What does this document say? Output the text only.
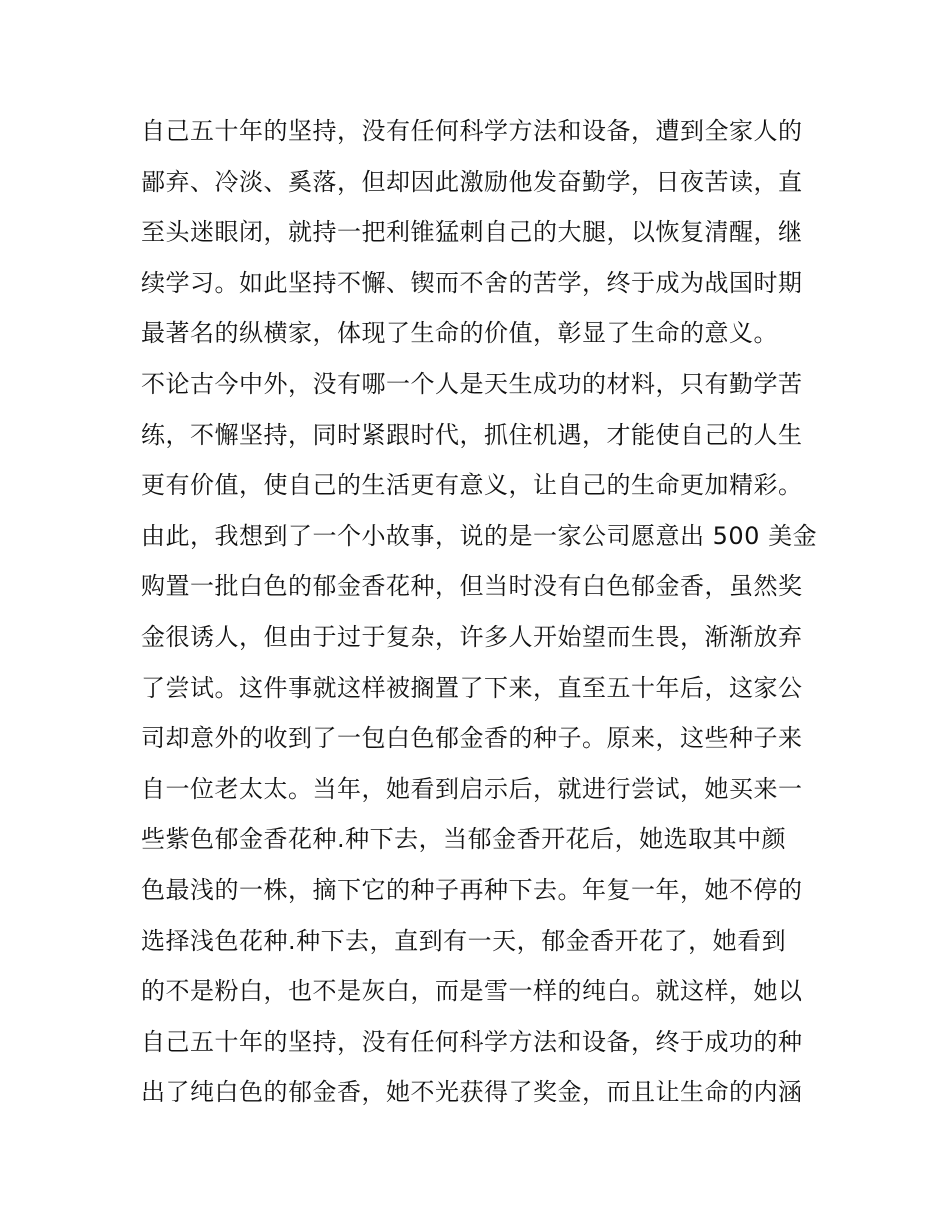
自己五十年的坚持，没有任何科学方法和设备，遭到全家人的
鄙弃、冷淡、奚落，但却因此激励他发奋勤学，日夜苦读，直
至头迷眼闭，就持一把利锥猛刺自己的大腿，以恢复清醒，继
续学习。如此坚持不懈、锲而不舍的苦学，终于成为战国时期
最著名的纵横家，体现了生命的价值，彰显了生命的意义。
不论古今中外，没有哪一个人是天生成功的材料，只有勤学苦
练，不懈坚持，同时紧跟时代，抓住机遇，才能使自己的人生
更有价值，使自己的生活更有意义，让自己的生命更加精彩。
由此，我想到了一个小故事，说的是一家公司愿意出 500 美金
购置一批白色的郁金香花种，但当时没有白色郁金香，虽然奖
金很诱人，但由于过于复杂，许多人开始望而生畏，渐渐放弃
了尝试。这件事就这样被搁置了下来，直至五十年后，这家公
司却意外的收到了一包白色郁金香的种子。原来，这些种子来
自一位老太太。当年，她看到启示后，就进行尝试，她买来一
些紫色郁金香花种.种下去，当郁金香开花后，她选取其中颜
色最浅的一株，摘下它的种子再种下去。年复一年，她不停的
选择浅色花种.种下去，直到有一天，郁金香开花了，她看到
的不是粉白，也不是灰白，而是雪一样的纯白。就这样，她以
自己五十年的坚持，没有任何科学方法和设备，终于成功的种
出了纯白色的郁金香，她不光获得了奖金，而且让生命的内涵
